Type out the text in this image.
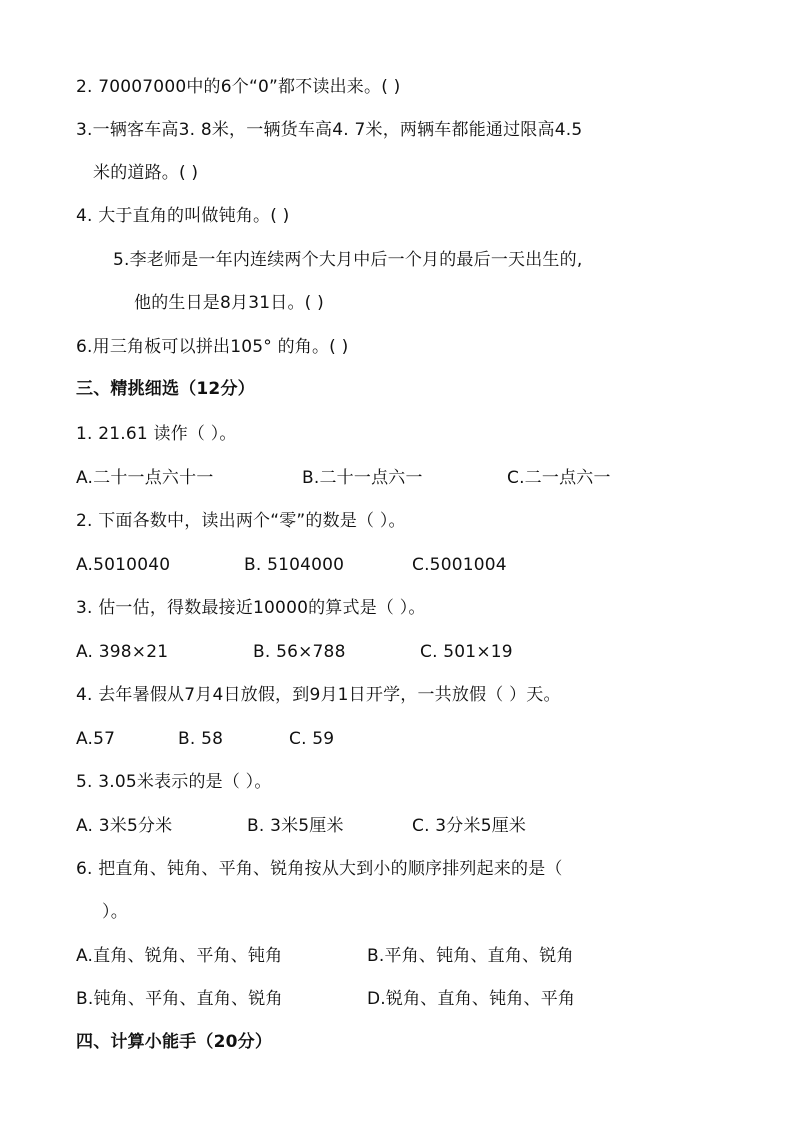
2. 70007000中的6个“0”都不读出来。( )
3.一辆客车高3. 8米，一辆货车高4. 7米，两辆车都能通过限高4.5
米的道路。( )
4. 大于直角的叫做钝角。( )
5.李老师是一年内连续两个大月中后一个月的最后一天出生的,
他的生日是8月31日。( )
6.用三角板可以拼出105° 的角。( )
三、精挑细选（12分）
1. 21.61 读作（ ）。
A.二十一点六十一	B.二十一点六一	C.二一点六一
2. 下面各数中，读出两个“零”的数是（ ）。
A.5010040	B. 5104000	C.5001004
3. 估一估，得数最接近10000的算式是（ ）。
A. 398×21	B. 56×788	C. 501×19
4. 去年暑假从7月4日放假，到9月1日开学，一共放假（ ）天。
A.57	B. 58	C. 59
5. 3.05米表示的是（ ）。
A. 3米5分米	B. 3米5厘米	C. 3分米5厘米
6. 把直角、钝角、平角、锐角按从大到小的顺序排列起来的是（
）。
A.直角、锐角、平角、钝角	B.平角、钝角、直角、锐角
B.钝角、平角、直角、锐角	D.锐角、直角、钝角、平角
四、计算小能手（20分）
